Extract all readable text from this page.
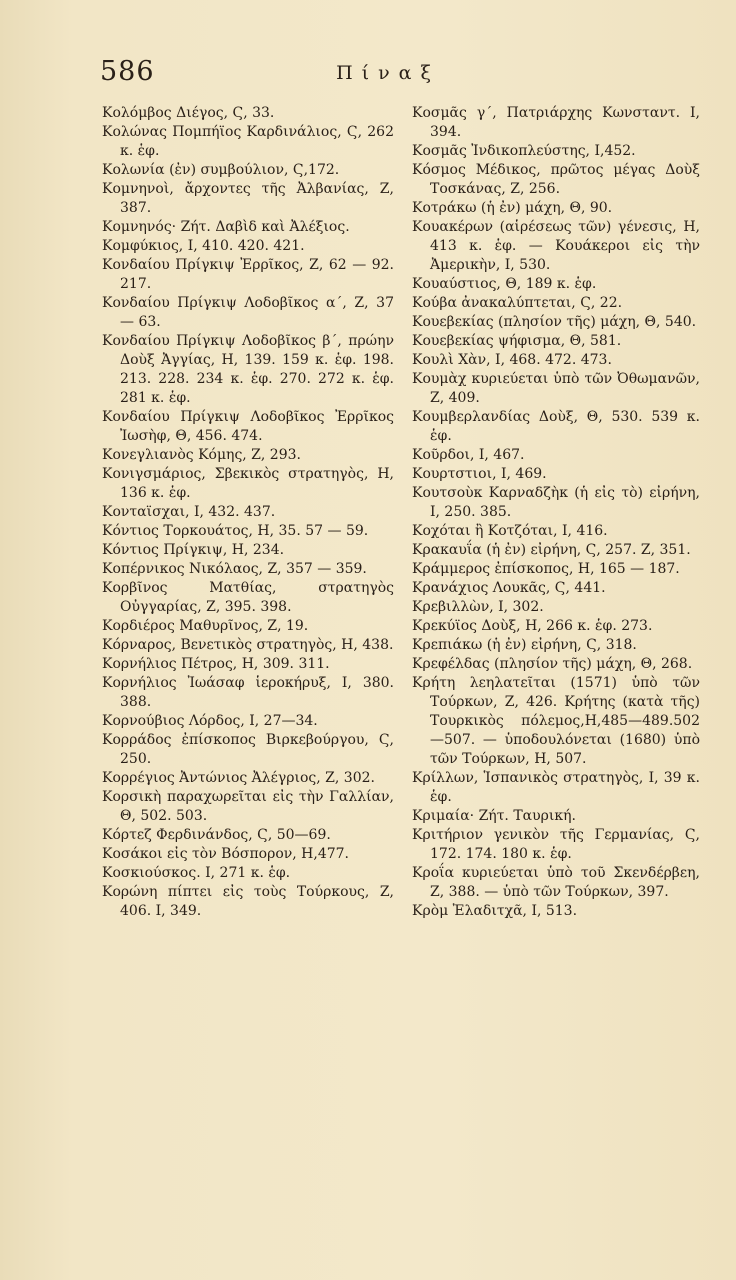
586	Πίναξ

Κολόμβος Διέγος, Ϛ, 33.

Κολώνας Πομπήϊος Καρδινάλιος, Ϛ, 262 κ. ἑφ.

Κολωνία (ἐν) συμβούλιον, Ϛ,172.

Κομνηνοὶ, ἄρχοντες τῆς Ἀλβανίας, Ζ, 387.

Κομνηνός· Ζήτ. Δαβὶδ καὶ Ἀλέξιος.

Κομφύκιος, Ι, 410. 420. 421.

Κονδαίου Πρίγκιψ Ἐρρῖκος, Ζ, 62 — 92. 217.

Κονδαίου Πρίγκιψ Λοδοβῖκος α΄, Ζ, 37 — 63.

Κονδαίου Πρίγκιψ Λοδοβῖκος β΄, πρώην Δοὺξ Ἀγγίας, Η, 139. 159 κ. ἑφ. 198. 213. 228. 234 κ. ἑφ. 270. 272 κ. ἑφ. 281 κ. ἑφ.

Κονδαίου Πρίγκιψ Λοδοβῖκος Ἐρρῖκος Ἰωσὴφ, Θ, 456. 474.

Κονεγλιανὸς Κόμης, Ζ, 293.

Κονιγσμάριος, Σβεκικὸς στρατηγὸς, Η, 136 κ. ἑφ.

Κονταϊσχαι, Ι, 432. 437.

Κόντιος Τορκουάτος, Η, 35. 57 — 59.

Κόντιος Πρίγκιψ, Η, 234.

Κοπέρνικος Νικόλαος, Ζ, 357 — 359.

Κορβῖνος Ματθίας, στρατηγὸς Οὐγγαρίας, Ζ, 395. 398.

Κορδιέρος Μαθυρῖνος, Ζ, 19.

Κόρναρος, Βενετικὸς στρατηγὸς, Η, 438.

Κορνήλιος Πέτρος, Η, 309. 311.

Κορνήλιος Ἰωάσαφ ἱεροκήρυξ, Ι, 380. 388.

Κορνούβιος Λόρδος, Ι, 27—34.

Κορράδος ἐπίσκοπος Βιρκεβούργου, Ϛ, 250.

Κορρέγιος Ἀντώνιος Ἀλέγριος, Ζ, 302.

Κορσικὴ παραχωρεῖται εἰς τὴν Γαλλίαν, Θ, 502. 503.

Κόρτεζ Φερδινάνδος, Ϛ, 50—69.

Κοσάκοι εἰς τὸν Βόσπορον, Η,477.

Κοσκιούσκος. Ι, 271 κ. ἑφ.

Κορώνη πίπτει εἰς τοὺς Τούρκους, Ζ, 406. Ι, 349.

Κοσμᾶς γ΄, Πατριάρχης Κωνσταντ. Ι, 394.

Κοσμᾶς Ἰνδικοπλεύστης, Ι,452.

Κόσμος Μέδικος, πρῶτος μέγας Δοὺξ Τοσκάνας, Ζ, 256.

Κοτράκω (ἡ ἐν) μάχη, Θ, 90.

Κουακέρων (αἱρέσεως τῶν) γένεσις, Η, 413 κ. ἑφ. — Κουάκεροι εἰς τὴν Ἀμερικὴν, Ι, 530.

Κουαύστιος, Θ, 189 κ. ἑφ.

Κούβα ἀνακαλύπτεται, Ϛ, 22.

Κουεβεκίας (πλησίον τῆς) μάχη, Θ, 540.

Κουεβεκίας ψήφισμα, Θ, 581.

Κουλὶ Χὰν, Ι, 468. 472. 473.

Κουμὰχ κυριεύεται ὑπὸ τῶν Ὀθωμανῶν, Ζ, 409.

Κουμβερλανδίας Δοὺξ, Θ, 530. 539 κ. ἑφ.

Κοῦρδοι, Ι, 467.

Κουρτστιοι, Ι, 469.

Κουτσοὺκ Καρναδζὴκ (ἡ εἰς τὸ) εἰρήνη, Ι, 250. 385.

Κοχόται ἢ Κοτζόται, Ι, 416.

Κρακαυΐα (ἡ ἐν) εἰρήνη, Ϛ, 257. Ζ, 351.

Κράμμερος ἐπίσκοπος, Η, 165 — 187.

Κρανάχιος Λουκᾶς, Ϛ, 441.

Κρεβιλλὼν, Ι, 302.

Κρεκύϊος Δοὺξ, Η, 266 κ. ἑφ. 273.

Κρεπιάκω (ἡ ἐν) εἰρήνη, Ϛ, 318.

Κρεφέλδας (πλησίον τῆς) μάχη, Θ, 268.

Κρήτη λεηλατεῖται (1571) ὑπὸ τῶν Τούρκων, Ζ, 426. Κρήτης (κατὰ τῆς) Τουρκικὸς πόλεμος,Η,485—489.502—507. — ὑποδουλόνεται (1680) ὑπὸ τῶν Τούρκων, Η, 507.

Κρίλλων, Ἱσπανικὸς στρατηγὸς, Ι, 39 κ. ἑφ.

Κριμαία· Ζήτ. Ταυρική.

Κριτήριον γενικὸν τῆς Γερμανίας, Ϛ, 172. 174. 180 κ. ἑφ.

Κροΐα κυριεύεται ὑπὸ τοῦ Σκενδέρβεη, Ζ, 388. — ὑπὸ τῶν Τούρκων, 397.

Κρὸμ Ἐλαδιτχᾶ, Ι, 513.
